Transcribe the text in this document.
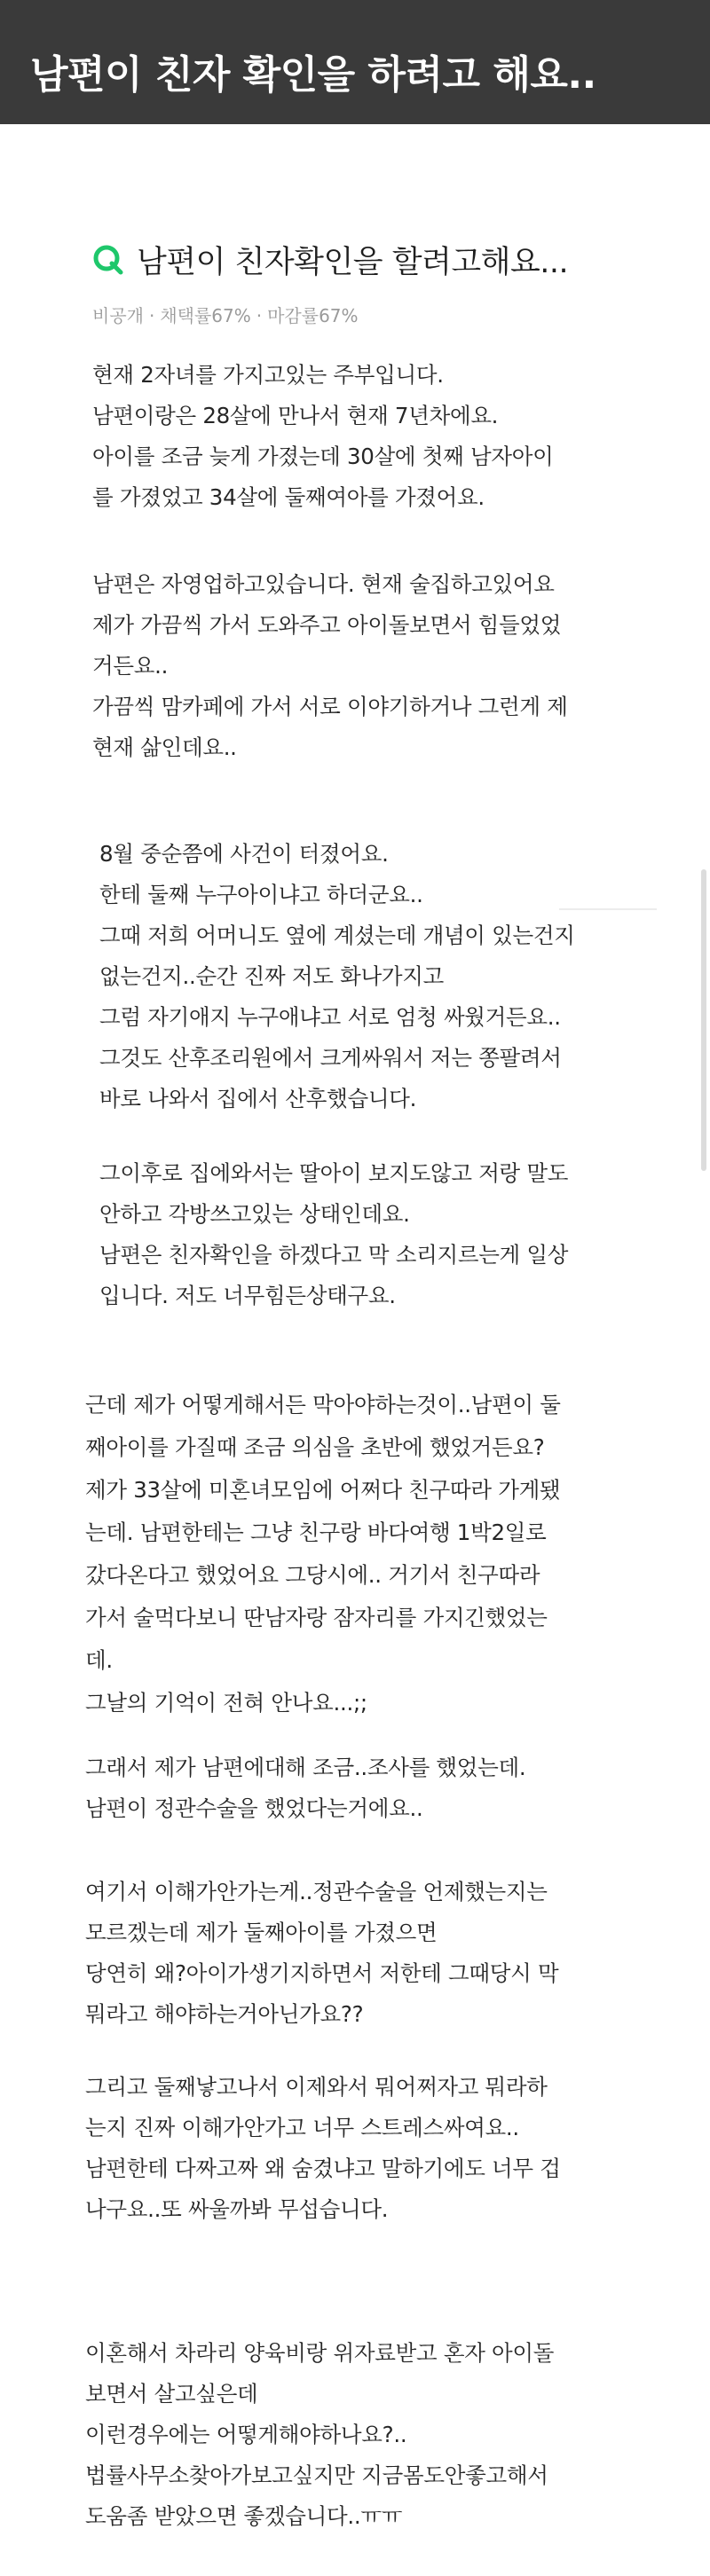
남편이 친자 확인을 하려고 해요..
남편이 친자확인을 할려고해요...
비공개 · 채택률67% · 마감률67%

현재 2자녀를 가지고있는 주부입니다.

남편이랑은 28살에 만나서 현재 7년차에요.

아이를 조금 늦게 가졌는데 30살에 첫째 남자아이

를 가졌었고 34살에 둘째여아를 가졌어요.

남편은 자영업하고있습니다. 현재 술집하고있어요

제가 가끔씩 가서 도와주고 아이돌보면서 힘들었었

거든요..

가끔씩 맘카페에 가서 서로 이야기하거나 그런게 제

현재 삶인데요..

8월 중순쯤에 사건이 터졌어요.

한테 둘째 누구아이냐고 하더군요..

그때 저희 어머니도 옆에 계셨는데 개념이 있는건지

없는건지..순간 진짜 저도 화나가지고

그럼 자기애지 누구애냐고 서로 엄청 싸웠거든요..

그것도 산후조리원에서 크게싸워서 저는 쫑팔려서

바로 나와서 집에서 산후했습니다.

그이후로 집에와서는 딸아이 보지도않고 저랑 말도

안하고 각방쓰고있는 상태인데요.

남편은 친자확인을 하겠다고 막 소리지르는게 일상

입니다. 저도 너무힘든상태구요.

근데 제가 어떻게해서든 막아야하는것이..남편이 둘

째아이를 가질때 조금 의심을 초반에 했었거든요?

제가 33살에 미혼녀모임에 어쩌다 친구따라 가게됐

는데. 남편한테는 그냥 친구랑 바다여행 1박2일로

갔다온다고 했었어요 그당시에.. 거기서 친구따라

가서 술먹다보니 딴남자랑 잠자리를 가지긴했었는

데.

그날의 기억이 전혀 안나요...;;

그래서 제가 남편에대해 조금..조사를 했었는데.

남편이 정관수술을 했었다는거에요..

여기서 이해가안가는게..정관수술을 언제했는지는

모르겠는데 제가 둘째아이를 가졌으면

당연히 왜?아이가생기지하면서 저한테 그때당시 막

뭐라고 해야하는거아닌가요??

그리고 둘째낳고나서 이제와서 뭐어쩌자고 뭐라하

는지 진짜 이해가안가고 너무 스트레스싸여요..

남편한테 다짜고짜 왜 숨겼냐고 말하기에도 너무 겁

나구요..또 싸울까봐 무섭습니다.

이혼해서 차라리 양육비랑 위자료받고 혼자 아이돌

보면서 살고싶은데

이런경우에는 어떻게해야하나요?..

법률사무소찾아가보고싶지만 지금몸도안좋고해서

도움좀 받았으면 좋겠습니다..ㅠㅠ
